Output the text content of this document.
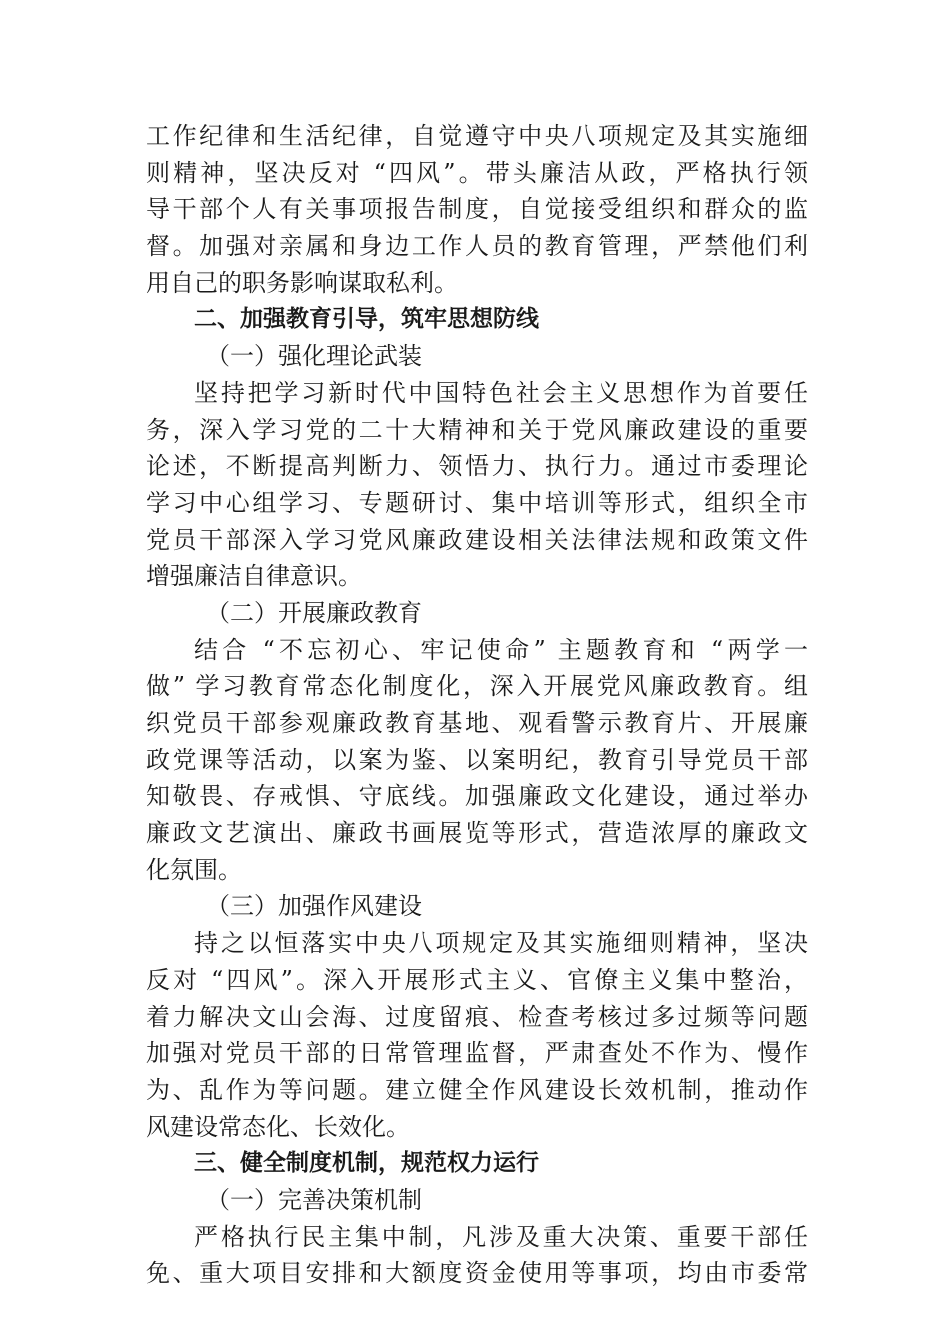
工作纪律和生活纪律，自觉遵守中央八项规定及其实施细
则精神，坚决反对 “四风”。带头廉洁从政，严格执行领
导干部个人有关事项报告制度，自觉接受组织和群众的监
督。加强对亲属和身边工作人员的教育管理，严禁他们利
用自己的职务影响谋取私利。
二、加强教育引导，筑牢思想防线
（一）强化理论武装
坚持把学习新时代中国特色社会主义思想作为首要任
务，深入学习党的二十大精神和关于党风廉政建设的重要
论述，不断提高判断力、领悟力、执行力。通过市委理论
学习中心组学习、专题研讨、集中培训等形式，组织全市
党员干部深入学习党风廉政建设相关法律法规和政策文件
增强廉洁自律意识。
（二）开展廉政教育
结合 “不忘初心、牢记使命” 主题教育和 “两学一
做” 学习教育常态化制度化，深入开展党风廉政教育。组
织党员干部参观廉政教育基地、观看警示教育片、开展廉
政党课等活动，以案为鉴、以案明纪，教育引导党员干部
知敬畏、存戒惧、守底线。加强廉政文化建设，通过举办
廉政文艺演出、廉政书画展览等形式，营造浓厚的廉政文
化氛围。
（三）加强作风建设
持之以恒落实中央八项规定及其实施细则精神，坚决
反对 “四风”。深入开展形式主义、官僚主义集中整治，
着力解决文山会海、过度留痕、检查考核过多过频等问题
加强对党员干部的日常管理监督，严肃查处不作为、慢作
为、乱作为等问题。建立健全作风建设长效机制，推动作
风建设常态化、长效化。
三、健全制度机制，规范权力运行
（一）完善决策机制
严格执行民主集中制，凡涉及重大决策、重要干部任
免、重大项目安排和大额度资金使用等事项，均由市委常
